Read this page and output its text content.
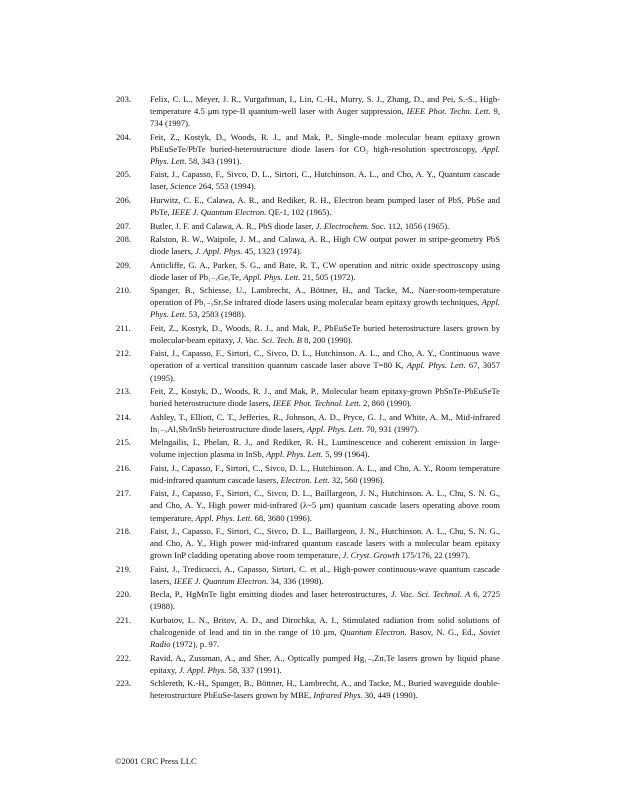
203.	Felix, C. L., Meyer, J. R., Vurgaftman, I., Lin, C.-H., Murry, S. J., Zhang, D., and Pei, S.-S., High-temperature 4.5 μm type-II quantum-well laser with Auger suppression, IEEE Phot. Techn. Lett. 9, 734 (1997).
204.	Feit, Z., Kostyk, D., Woods, R. J., and Mak, P., Single-mode molecular beam epitaxy grown PbEuSeTe/PbTe buried-heterostructure diode lasers for CO₂ high-resolution spectroscopy, Appl. Phys. Lett. 58, 343 (1991).
205.	Faist, J., Capasso, F., Sivco, D. L., Sirtori, C., Hutchinson. A. L., and Cho, A. Y., Quantum cascade laser, Science 264, 553 (1994).
206.	Hurwitz, C. E., Calawa, A. R., and Rediker, R. H., Electron beam pumped laser of PbS, PbSe and PbTe, IEEE J. Quantum Electron. QE-1, 102 (1965).
207.	Butler, J. F. and Calawa, A. R., PbS diode laser, J. Electrochem. Soc. 112, 1056 (1965).
208.	Ralston, R. W., Waipole, J. M., and Calawa, A. R., High CW output power in stripe-geometry PbS diode lasers, J. Appl. Phys. 45, 1323 (1974).
209.	Anticliffe, G. A., Parker, S. G., and Bate, R. T., CW operation and nitric oxide spectroscopy using diode laser of Pb₁₋ₓGeₓTe, Appl. Phys. Lett. 21, 505 (1972).
210.	Spanger, B., Schiesse, U., Lambrecht, A., Böttner, H., and Tacke, M., Naer-room-temperature operation of Pb₁₋ₓSrₓSe infrared diode lasers using molecular beam epitaxy growth techniques, Appl. Phys. Lett. 53, 2583 (1988).
211.	Feit, Z., Kostyk, D., Woods, R. J., and Mak, P., PbEuSeTe buried heterostructure lasers grown by molecular-beam epitaxy, J. Vac. Sci. Tech. B 8, 200 (1990).
212.	Faist, J., Capasso, F., Sirtori, C., Sivco, D. L., Hutchinson. A. L., and Cho, A. Y., Continuous wave operation of a vertical transition quantum cascade laser above T=80 K, Appl. Phys. Lett. 67, 3057 (1995).
213.	Feit, Z., Kostyk, D., Woods, R. J., and Mak, P., Molecular beam epitaxy-grown PbSnTe-PbEuSeTe buried heterostructure diode lasers, IEEE Phot. Technol. Lett. 2, 860 (1990).
214.	Ashley, T., Elliott, C. T., Jefferies, R., Johnson, A. D., Pryce, G. J., and White, A. M., Mid-infrared In₁₋ₓAlₓSb/InSb heterostructure diode lasers, Appl. Phys. Lett. 70, 931 (1997).
215.	Melngailis, I., Phelan, R. J., and Rediker, R. H., Luminescence and coherent emission in large-volume injection plasma in InSb, Appl. Phys. Lett. 5, 99 (1964).
216.	Faist, J., Capasso, F., Sirtori, C., Sivco, D. L., Hutchinson. A. L., and Cho, A. Y., Room temperature mid-infrared quantum cascade lasers, Electron. Lett. 32, 560 (1996).
217.	Faist, J., Capasso, F., Sirtori, C., Sivco, D. L., Baillargeon, J. N., Hutchinson. A. L., Chu, S. N. G., and Cho, A. Y., High power mid-infrared (λ~5 μm) quantum cascade lasers operating above room temperature, Appl. Phys. Lett. 68, 3680 (1996).
218.	Faist, J., Capasso, F., Sirtori, C., Sivco, D. L., Baillargeon, J. N., Hutchinson. A. L., Chu, S. N. G., and Cho, A. Y., High power mid-infrared quantum cascade lasers with a molecular beam epitaxy grown InP cladding operating above room temperature, J. Cryst. Growth 175/176, 22 (1997).
219.	Faist, J., Tredicucci, A., Capasso, Sirtori, C. et al., High-power continuous-wave quantum cascade lasers, IEEE J. Quantum Electron. 34, 336 (1998).
220.	Becla, P., HgMnTe light emitting diodes and laser heterostructures, J. Vac. Sci. Technol. A 6, 2725 (1988).
221.	Kurbatov, L. N., Britov, A. D., and Dirochka, A. I., Stimulated radiation from solid solutions of chalcogenide of lead and tin in the range of 10 μm, Quantum Electron. Basov, N. G., Ed., Soviet Radio (1972), p. 97.
222.	Ravid, A., Zussman, A., and Sher, A., Optically pumped Hg₁₋ₓZnₓTe lasers grown by liquid phase epitaxy, J. Appl. Phys. 58, 337 (1991).
223.	Schlereth, K.-H., Spanger, B., Böttner, H., Lambrecht, A., and Tacke, M., Buried waveguide double-heterostructure PbEuSe-lasers grown by MBE, Infrared Phys. 30, 449 (1990).
©2001 CRC Press LLC
